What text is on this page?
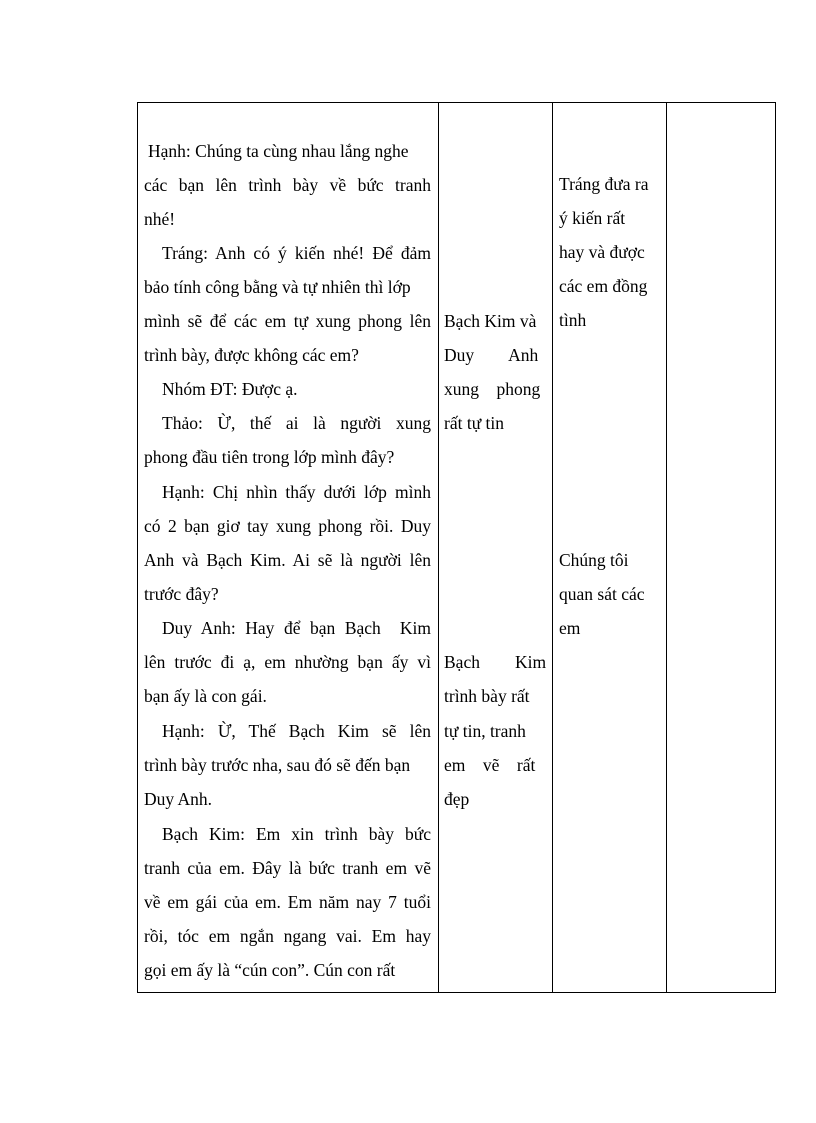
Hạnh: Chúng ta cùng nhau lắng nghe
các bạn lên trình bày về bức tranh
nhé!
Tráng: Anh có ý kiến nhé! Để đảm
bảo tính công bằng và tự nhiên thì lớp
mình sẽ để các em tự xung phong lên
trình bày, được không các em?
Nhóm ĐT: Được ạ.
Thảo: Ừ, thế ai là người xung
phong đầu tiên trong lớp mình đây?
Hạnh: Chị nhìn thấy dưới lớp mình
có 2 bạn giơ tay xung phong rồi. Duy
Anh và Bạch Kim. Ai sẽ là người lên
trước đây?
Duy Anh: Hay để bạn Bạch  Kim
lên trước đi ạ, em nhường bạn ấy vì
bạn ấy là con gái.
Hạnh: Ừ, Thế Bạch Kim sẽ lên
trình bày trước nha, sau đó sẽ đến bạn
Duy Anh.
Bạch Kim: Em xin trình bày bức
tranh của em. Đây là bức tranh em vẽ
về em gái của em. Em năm nay 7 tuổi
rồi, tóc em ngắn ngang vai. Em hay
gọi em ấy là “cún con”. Cún con rất
Bạch Kim và
Duy        Anh
xung    phong
rất tự tin
Bạch        Kim
trình bày rất
tự tin, tranh
em    vẽ    rất
đẹp
Tráng đưa ra
ý kiến rất
hay và được
các em đồng
tình
Chúng tôi
quan sát các
em
